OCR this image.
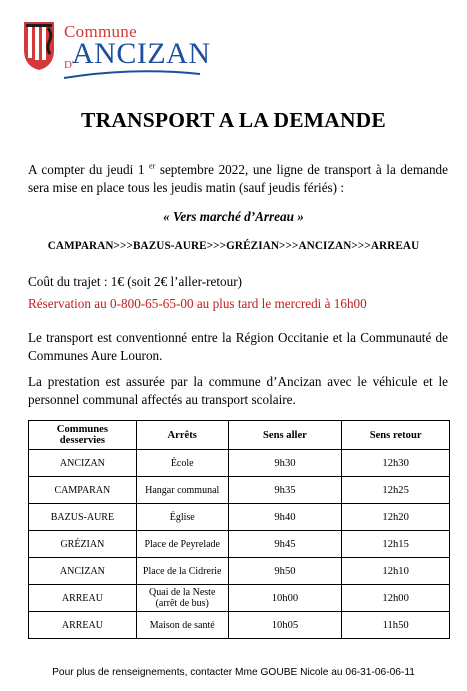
Commune
D'
ANCIZAN
TRANSPORT A LA DEMANDE

A compter du jeudi 1 $^{er}$ septembre 2022, une ligne de transport à la demande sera mise en place tous les jeudis matin (sauf jeudis fériés) :

« Vers marché d’Arreau »

CAMPARAN>>>BAZUS-AURE>>>GRÉZIAN>>>ANCIZAN>>>ARREAU

Coût du trajet : 1€ (soit 2€ l’aller-retour)

Réservation au 0-800-65-65-00 au plus tard le mercredi à 16h00

Le transport est conventionné entre la Région Occitanie et la Communauté de Communes Aure Louron.

La prestation est assurée par la commune d’Ancizan avec le véhicule et le personnel communal affectés au transport scolaire.

Communes desservies	Arrêts	Sens aller	Sens retour
ANCIZAN	École	9h30	12h30
CAMPARAN	Hangar communal	9h35	12h25
BAZUS-AURE	Église	9h40	12h20
GRÉZIAN	Place de Peyrelade	9h45	12h15
ANCIZAN	Place de la Cidrerie	9h50	12h10
ARREAU	Quai de la Neste (arrêt de bus)	10h00	12h00
ARREAU	Maison de santé	10h05	11h50
Pour plus de renseignements, contacter Mme GOUBE Nicole au 06-31-06-06-11
